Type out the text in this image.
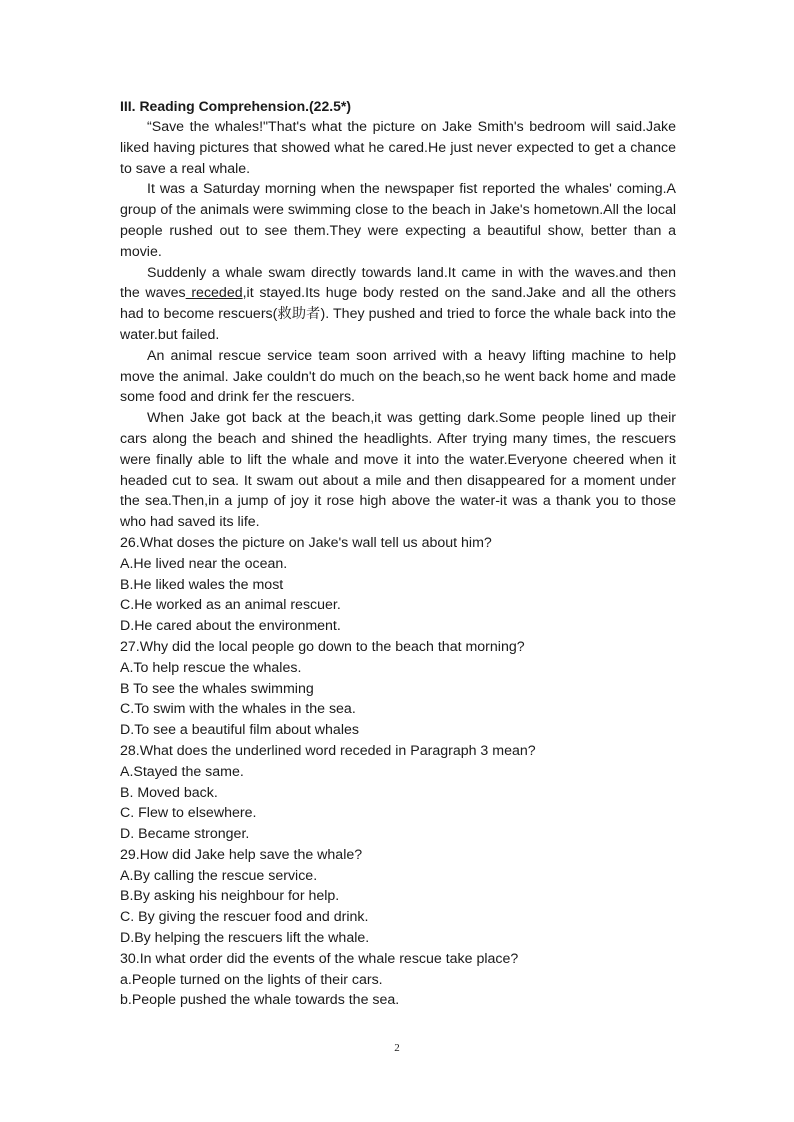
III. Reading Comprehension.(22.5*)

“Save the whales!"That's what the picture on Jake Smith's bedroom will said.Jake liked having pictures that showed what he cared.He just never expected to get a chance to save a real whale.

It was a Saturday morning when the newspaper fist reported the whales' coming.A group of the animals were swimming close to the beach in Jake's hometown.All the local people rushed out to see them.They were expecting a beautiful show, better than a movie.

Suddenly a whale swam directly towards land.It came in with the waves.and then the waves receded,it stayed.Its huge body rested on the sand.Jake and all the others had to become rescuers(救助者). They pushed and tried to force the whale back into the water.but failed.

An animal rescue service team soon arrived with a heavy lifting machine to help move the animal. Jake couldn't do much on the beach,so he went back home and made some food and drink fer the rescuers.

When Jake got back at the beach,it was getting dark.Some people lined up their cars along the beach and shined the headlights. After trying many times, the rescuers were finally able to lift the whale and move it into the water.Everyone cheered when it headed cut to sea. It swam out about a mile and then disappeared for a moment under the sea.Then,in a jump of joy it rose high above the water-it was a thank you to those who had saved its life.

26.What doses the picture on Jake's wall tell us about him?

A.He lived near the ocean.

B.He liked wales the most

C.He worked as an animal rescuer.

D.He cared about the environment.

27.Why did the local people go down to the beach that morning?

A.To help rescue the whales.

B To see the whales swimming

C.To swim with the whales in the sea.

D.To see a beautiful film about whales

28.What does the underlined word receded in Paragraph 3 mean?

A.Stayed the same.

B. Moved back.

C. Flew to elsewhere.

D. Became stronger.

29.How did Jake help save the whale?

A.By calling the rescue service.

B.By asking his neighbour for help.

C. By giving the rescuer food and drink.

D.By helping the rescuers lift the whale.

30.In what order did the events of the whale rescue take place?

a.People turned on the lights of their cars.

b.People pushed the whale towards the sea.

2
